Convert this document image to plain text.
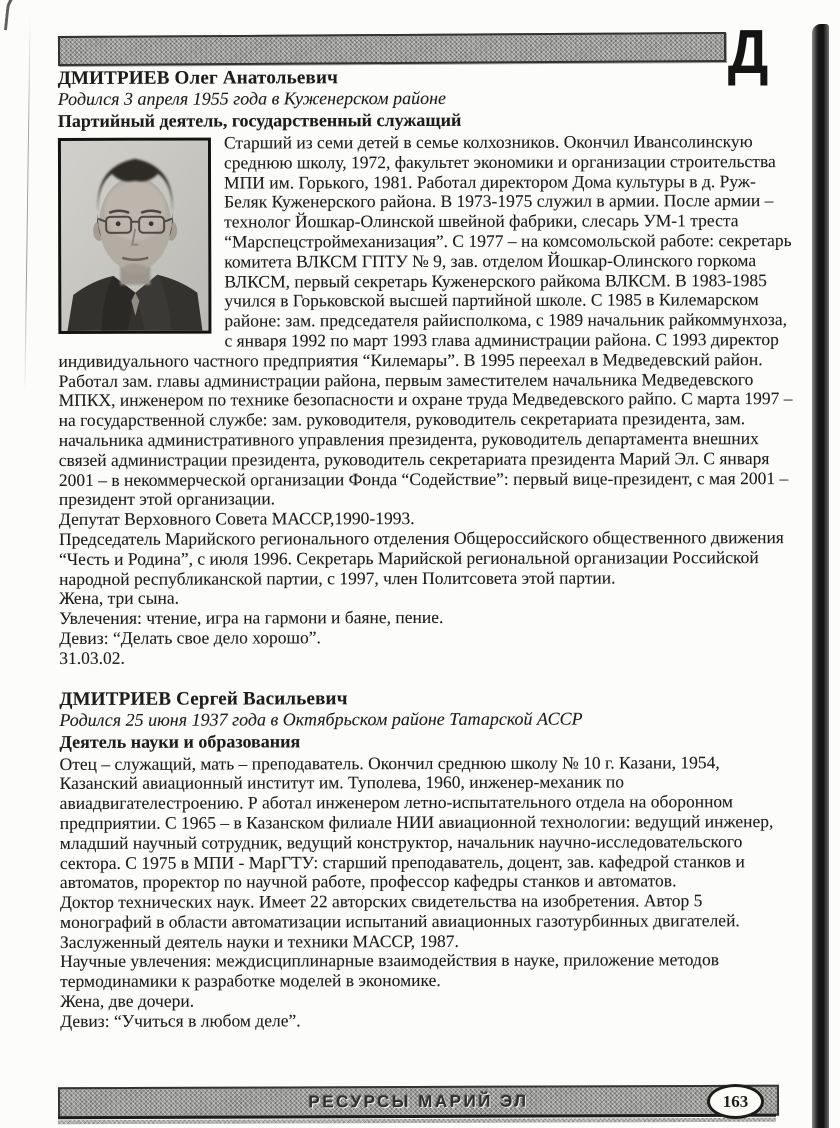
Д
ДМИТРИЕВ Олег Анатольевич
Родился 3 апреля 1955 года в Куженерском районе
Партийный деятель, государственный служащий
Старший из семи детей в семье колхозников. Окончил Ивансолинскую среднюю школу, 1972, факультет экономики и организации строительства МПИ им. Горького, 1981. Работал директором Дома культуры в д. Руж-Беляк Куженерского района. В 1973-1975 служил в армии. После армии – технолог Йошкар-Олинской швейной фабрики, слесарь УМ-1 треста “Марспецстроймеханизация”. С 1977 – на комсомольской работе: секретарь комитета ВЛКСМ ГПТУ № 9, зав. отделом Йошкар-Олинского горкома ВЛКСМ, первый секретарь Куженерского райкома ВЛКСМ. В 1983-1985 учился в Горьковской высшей партийной школе. С 1985 в Килемарском районе: зам. председателя райисполкома, с 1989 начальник райкоммунхоза, с января 1992 по март 1993 глава администрации района. С 1993 директор индивидуального частного предприятия “Килемары”. В 1995 переехал в Медведевский район. Работал зам. главы администрации района, первым заместителем начальника Медведевского МПКХ, инженером по технике безопасности и охране труда Медведевского райпо. С марта 1997 – на государственной службе: зам. руководителя, руководитель секретариата президента, зам. начальника административного управления президента, руководитель департамента внешних связей администрации президента, руководитель секретариата президента Марий Эл. С января 2001 – в некоммерческой организации Фонда “Содействие”: первый вице-президент, с мая 2001 – президент этой организации.
Депутат Верховного Совета МАССР,1990-1993.
Председатель Марийского регионального отделения Общероссийского общественного движения “Честь и Родина”, с июля 1996. Секретарь Марийской региональной организации Российской народной республиканской партии, с 1997, член Политсовета этой партии.
Жена, три сына.
Увлечения: чтение, игра на гармони и баяне, пение.
Девиз: “Делать свое дело хорошо”.
31.03.02.
ДМИТРИЕВ Сергей Васильевич
Родился 25 июня 1937 года в Октябрьском районе Татарской АССР
Деятель науки и образования
Отец – служащий, мать – преподаватель. Окончил среднюю школу № 10 г. Казани, 1954, Казанский авиационный институт им. Туполева, 1960, инженер-механик по авиадвигателестроению. Р аботал инженером летно-испытательного отдела на оборонном предприятии. С 1965 – в Казанском филиале НИИ авиационной технологии: ведущий инженер, младший научный сотрудник, ведущий конструктор, начальник научно-исследовательского сектора. С 1975 в МПИ - МарГТУ: старший преподаватель, доцент, зав. кафедрой станков и автоматов, проректор по научной работе, профессор кафедры станков и автоматов.
Доктор технических наук. Имеет 22 авторских свидетельства на изобретения. Автор 5 монографий в области автоматизации испытаний авиационных газотурбинных двигателей. Заслуженный деятель науки и техники МАССР, 1987.
Научные увлечения: междисциплинарные взаимодействия в науке, приложение методов термодинамики к разработке моделей в экономике.
Жена, две дочери.
Девиз: “Учиться в любом деле”.
РЕСУРСЫ МАРИЙ ЭЛ	163
